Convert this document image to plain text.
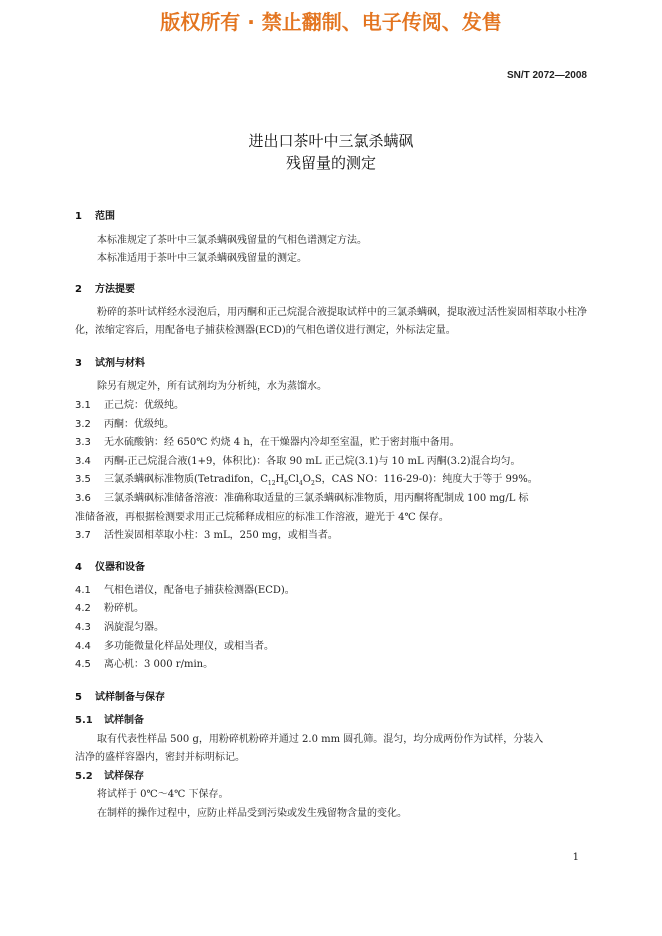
版权所有 · 禁止翻制、电子传阅、发售
SN/T 2072—2008
进出口茶叶中三氯杀螨砜
残留量的测定
1 范围
本标准规定了茶叶中三氯杀螨砜残留量的气相色谱测定方法。
本标准适用于茶叶中三氯杀螨砜残留量的测定。
2 方法提要
粉碎的茶叶试样经水浸泡后，用丙酮和正己烷混合液提取试样中的三氯杀螨砜，提取液过活性炭固相萃取小柱净化，浓缩定容后，用配备电子捕获检测器(ECD)的气相色谱仪进行测定，外标法定量。
3 试剂与材料
除另有规定外，所有试剂均为分析纯，水为蒸馏水。
3.1 正己烷：优级纯。
3.2 丙酮：优级纯。
3.3 无水硫酸钠：经 650℃ 灼烧 4 h，在干燥器内冷却至室温，贮于密封瓶中备用。
3.4 丙酮-正己烷混合液(1+9，体积比)：各取 90 mL 正己烷(3.1)与 10 mL 丙酮(3.2)混合均匀。
3.5 三氯杀螨砜标准物质(Tetradifon，$C_{12}H_6Cl_4O_2S$，CAS NO：116-29-0)：纯度大于等于 99%。
3.6 三氯杀螨砜标准储备溶液：准确称取适量的三氯杀螨砜标准物质，用丙酮将配制成 100 mg/L 标
准储备液，再根据检测要求用正己烷稀释成相应的标准工作溶液，避光于 4℃ 保存。
3.7 活性炭固相萃取小柱：3 mL，250 mg，或相当者。
4 仪器和设备
4.1 气相色谱仪，配备电子捕获检测器(ECD)。
4.2 粉碎机。
4.3 涡旋混匀器。
4.4 多功能微量化样品处理仪，或相当者。
4.5 离心机：3 000 r/min。
5 试样制备与保存
5.1 试样制备
取有代表性样品 500 g，用粉碎机粉碎并通过 2.0 mm 圆孔筛。混匀，均分成两份作为试样，分装入
洁净的盛样容器内，密封并标明标记。
5.2 试样保存
将试样于 0℃～4℃ 下保存。
在制样的操作过程中，应防止样品受到污染或发生残留物含量的变化。
1
